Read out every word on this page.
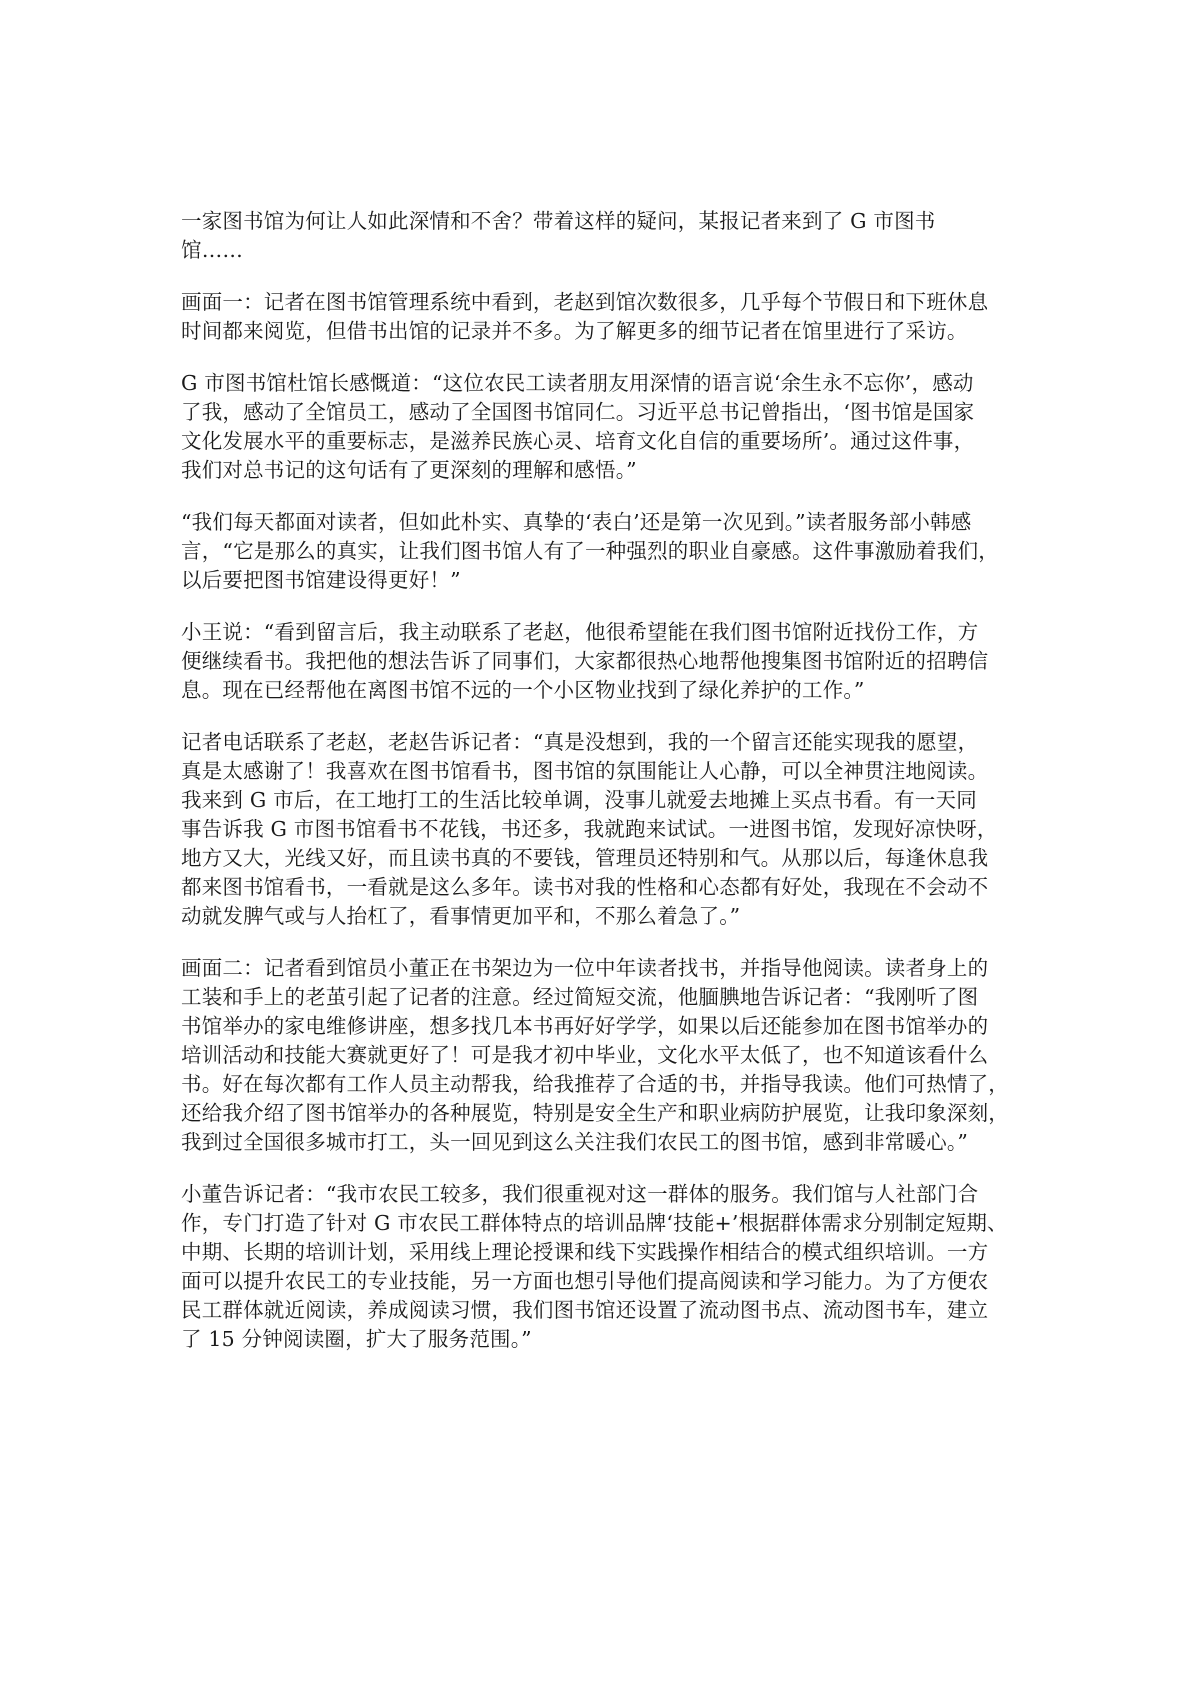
一家图书馆为何让人如此深情和不舍？带着这样的疑问，某报记者来到了 G 市图书
馆……
画面一：记者在图书馆管理系统中看到，老赵到馆次数很多，几乎每个节假日和下班休息
时间都来阅览，但借书出馆的记录并不多。为了解更多的细节记者在馆里进行了采访。
G 市图书馆杜馆长感慨道：“这位农民工读者朋友用深情的语言说‘余生永不忘你’，感动
了我，感动了全馆员工，感动了全国图书馆同仁。习近平总书记曾指出，‘图书馆是国家
文化发展水平的重要标志，是滋养民族心灵、培育文化自信的重要场所’。通过这件事，
我们对总书记的这句话有了更深刻的理解和感悟。”
“我们每天都面对读者，但如此朴实、真挚的‘表白’还是第一次见到。”读者服务部小韩感
言，“它是那么的真实，让我们图书馆人有了一种强烈的职业自豪感。这件事激励着我们，
以后要把图书馆建设得更好！”
小王说：“看到留言后，我主动联系了老赵，他很希望能在我们图书馆附近找份工作，方
便继续看书。我把他的想法告诉了同事们，大家都很热心地帮他搜集图书馆附近的招聘信
息。现在已经帮他在离图书馆不远的一个小区物业找到了绿化养护的工作。”
记者电话联系了老赵，老赵告诉记者：“真是没想到，我的一个留言还能实现我的愿望，
真是太感谢了！我喜欢在图书馆看书，图书馆的氛围能让人心静，可以全神贯注地阅读。
我来到 G 市后，在工地打工的生活比较单调，没事儿就爱去地摊上买点书看。有一天同
事告诉我 G 市图书馆看书不花钱，书还多，我就跑来试试。一进图书馆，发现好凉快呀，
地方又大，光线又好，而且读书真的不要钱，管理员还特别和气。从那以后，每逢休息我
都来图书馆看书，一看就是这么多年。读书对我的性格和心态都有好处，我现在不会动不
动就发脾气或与人抬杠了，看事情更加平和，不那么着急了。”
画面二：记者看到馆员小董正在书架边为一位中年读者找书，并指导他阅读。读者身上的
工装和手上的老茧引起了记者的注意。经过简短交流，他腼腆地告诉记者：“我刚听了图
书馆举办的家电维修讲座，想多找几本书再好好学学，如果以后还能参加在图书馆举办的
培训活动和技能大赛就更好了！可是我才初中毕业，文化水平太低了，也不知道该看什么
书。好在每次都有工作人员主动帮我，给我推荐了合适的书，并指导我读。他们可热情了，
还给我介绍了图书馆举办的各种展览，特别是安全生产和职业病防护展览，让我印象深刻，
我到过全国很多城市打工，头一回见到这么关注我们农民工的图书馆，感到非常暖心。”
小董告诉记者：“我市农民工较多，我们很重视对这一群体的服务。我们馆与人社部门合
作，专门打造了针对 G 市农民工群体特点的培训品牌‘技能+’根据群体需求分别制定短期、
中期、长期的培训计划，采用线上理论授课和线下实践操作相结合的模式组织培训。一方
面可以提升农民工的专业技能，另一方面也想引导他们提高阅读和学习能力。为了方便农
民工群体就近阅读，养成阅读习惯，我们图书馆还设置了流动图书点、流动图书车，建立
了 15 分钟阅读圈，扩大了服务范围。”
